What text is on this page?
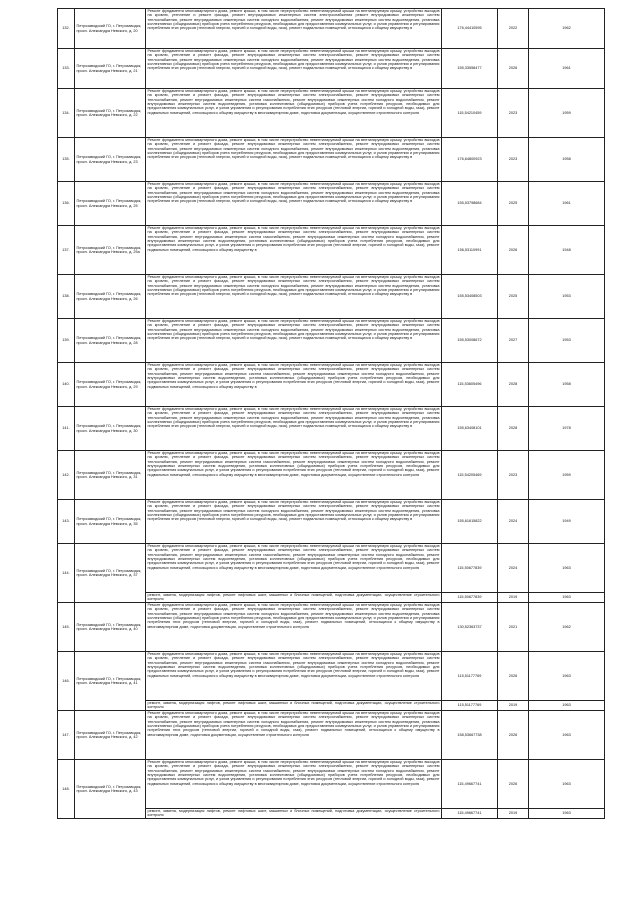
132.	Петрозаводский ГО, г. Петрозаводск, просп. Александра Невского, д. 20	Ремонт фундамента многоквартирного дома, ремонт крыши, в том числе переустройство невентилируемой крыши на вентилируемую крышу, устройство выходов на кровлю, утепление и ремонт фасада, ремонт внутридомовых инженерных систем электроснабжения ремонт внутридомовых инженерных систем теплоснабжения, ремонт внутридомовых инженерных систем холодного водоснабжения, ремонт внутридомовых инженерных систем водоотведения, установка коллективных (общедомовых) приборов учета потребления ресурсов, необходимых для предоставления коммунальных услуг, и узлов управления и регулирования потребления этих ресурсов (тепловой энергии, горячей и холодной воды, газа), ремонт подвальных помещений, относящихся к общему имуществу в	176,44410595	2022	1962
133.	Петрозаводский ГО, г. Петрозаводск, просп. Александра Невского, д. 21	Ремонт фундамента многоквартирного дома, ремонт крыши, в том числе переустройство невентилируемой крыши на вентилируемую крышу, устройство выходов на кровлю, утепление и ремонт фасада, ремонт внутридомовых инженерных систем электроснабжения, ремонт внутридомовых инженерных систем теплоснабжения, ремонт внутридомовых инженерных систем холодного водоснабжения, ремонт внутридомовых инженерных систем водоотведения, установка коллективных (общедомовых) приборов учета потребления ресурсов, необходимых для предоставления коммунальных услуг, и узлов управления и регулирования потребления этих ресурсов (тепловой энергии, горячей и холодной воды, газа), ремонт подвальных помещений, относящихся к общему имуществу в	155,33558477	2026	1961
134.	Петрозаводский ГО, г. Петрозаводск, просп. Александра Невского, д. 22	Ремонт фундамента многоквартирного дома, ремонт крыши, в том числе переустройство невентилируемой крыши на вентилируемую крышу, устройство выходов на кровлю, утепление и ремонт фасада, ремонт внутридомовых инженерных систем электроснабжения, ремонт внутридомовых инженерных систем теплоснабжения, ремонт внутридомовых инженерных систем газоснабжения, ремонт внутридомовых инженерных систем холодного водоснабжения, ремонт внутридомовых инженерных систем водоотведения, установка коллективных (общедомовых) приборов учета потребления ресурсов, необходимых для предоставления коммунальных услуг, и узлов управления и регулирования потребления этих ресурсов (тепловой энергии, горячей и холодной воды, газа), ремонт подвальных помещений, относящихся к общему имуществу в многоквартирном доме, подготовка документации, осуществление строительного контроля	115,54210459	2023	1959
135.	Петрозаводский ГО, г. Петрозаводск, просп. Александра Невского, д. 23	Ремонт фундамента многоквартирного дома, ремонт крыши, в том числе переустройство невентилируемой крыши на вентилируемую крышу, устройство выходов на кровлю, утепление и ремонт фасада, ремонт внутридомовых инженерных систем электроснабжения, ремонт внутридомовых инженерных систем теплоснабжения, ремонт внутридомовых инженерных систем холодного водоснабжения, ремонт внутридомовых инженерных систем водоотведения, установка коллективных (общедомовых) приборов учета потребления ресурсов, необходимых для предоставления коммунальных услуг, и узлов управления и регулирования потребления этих ресурсов (тепловой энергии, горячей и холодной воды, газа), ремонт подвальных помещений, относящихся к общему имуществу в	176,64800923	2023	1958
136.	Петрозаводский ГО, г. Петрозаводск, просп. Александра Невского, д. 25	Ремонт фундамента многоквартирного дома, ремонт крыши, в том числе переустройство невентилируемой крыши на вентилируемую крышу, устройство выходов на кровлю, утепление и ремонт фасада, ремонт внутридомовых инженерных систем электроснабжения, ремонт внутридомовых инженерных систем теплоснабжения, ремонт внутридомовых инженерных систем холодного водоснабжения, ремонт внутридомовых инженерных систем водоотведения, установка коллективных (общедомовых) приборов учета потребления ресурсов, необходимых для предоставления коммунальных услуг, и узлов управления и регулирования потребления этих ресурсов (тепловой энергии, горячей и холодной воды, газа), ремонт подвальных помещений, относящихся к общему имуществу в	155,53798684	2025	1961
137.	Петрозаводский ГО, г. Петрозаводск, просп. Александра Невского, д. 25а	Ремонт фундамента многоквартирного дома, ремонт крыши, в том числе переустройство невентилируемой крыши на вентилируемую крышу, устройство выходов на кровлю, утепление и ремонт фасада, ремонт внутридомовых инженерных систем электроснабжения, ремонт внутридомовых инженерных систем теплоснабжения, ремонт внутридомовых инженерных систем газоснабжения, ремонт внутридомовых инженерных систем холодного водоснабжения, ремонт внутридомовых инженерных систем водоотведения, установка коллективных (общедомовых) приборов учета потребления ресурсов, необходимых для предоставления коммунальных услуг, и узлов управления и регулирования потребления этих ресурсов (тепловой энергии, горячей и холодной воды, газа), ремонт подвальных помещений, относящихся к общему имуществу в	156,53110991	2026	1948
138.	Петрозаводский ГО, г. Петрозаводск, просп. Александра Невского, д. 26	Ремонт фундамента многоквартирного дома, ремонт крыши, в том числе переустройство невентилируемой крыши на вентилируемую крышу, устройство выходов на кровлю, утепление и ремонт фасада, ремонт внутридомовых инженерных систем электроснабжения, ремонт внутридомовых инженерных систем теплоснабжения, ремонт внутридомовых инженерных систем холодного водоснабжения, ремонт внутридомовых инженерных систем водоотведения, установка коллективных (общедомовых) приборов учета потребления ресурсов, необходимых для предоставления коммунальных услуг, и узлов управления и регулирования потребления этих ресурсов (тепловой энергии, горячей и холодной воды, газа), ремонт подвальных помещений, относящихся к общему имуществу в	155,53408503	2025	1953
139.	Петрозаводский ГО, г. Петрозаводск, просп. Александра Невского, д. 28	Ремонт фундамента многоквартирного дома, ремонт крыши, в том числе переустройство невентилируемой крыши на вентилируемую крышу, устройство выходов на кровлю, утепление и ремонт фасада, ремонт внутридомовых инженерных систем электроснабжения, ремонт внутридомовых инженерных систем теплоснабжения, ремонт внутридомовых инженерных систем холодного водоснабжения, ремонт внутридомовых инженерных систем водоотведения, установка коллективных (общедомовых) приборов учета потребления ресурсов, необходимых для предоставления коммунальных услуг, и узлов управления и регулирования потребления этих ресурсов (тепловой энергии, горячей и холодной воды, газа), ремонт подвальных помещений, относящихся к общему имуществу в	155,53008672	2027	1953
140.	Петрозаводский ГО, г. Петрозаводск, просп. Александра Невского, д. 29	Ремонт фундамента многоквартирного дома, ремонт крыши, в том числе переустройство невентилируемой крыши на вентилируемую крышу, устройство выходов на кровлю, утепление и ремонт фасада, ремонт внутридомовых инженерных систем электроснабжения, ремонт внутридомовых инженерных систем теплоснабжения, ремонт внутридомовых инженерных систем газоснабжения, ремонт внутридомовых инженерных систем холодного водоснабжения, ремонт внутридомовых инженерных систем водоотведения, установка коллективных (общедомовых) приборов учета потребления ресурсов, необходимых для предоставления коммунальных услуг, и узлов управления и регулирования потребления этих ресурсов (тепловой энергии, горячей и холодной воды, газа), ремонт подвальных помещений, относящихся к общему имуществу в	115,53605496	2028	1958
141.	Петрозаводский ГО, г. Петрозаводск, просп. Александра Невского, д. 30	Ремонт фундамента многоквартирного дома, ремонт крыши, в том числе переустройство невентилируемой крыши на вентилируемую крышу, устройство выходов на кровлю, утепление и ремонт фасада, ремонт внутридомовых инженерных систем электроснабжения, ремонт внутридомовых инженерных систем теплоснабжения, ремонт внутридомовых инженерных систем холодного водоснабжения, ремонт внутридомовых инженерных систем водоотведения, установка коллективных (общедомовых) приборов учета потребления ресурсов, необходимых для предоставления коммунальных услуг, и узлов управления и регулирования потребления этих ресурсов (тепловой энергии, горячей и холодной воды, газа), ремонт подвальных помещений, относящихся к общему имуществу в	155,63408101	2028	1978
142.	Петрозаводский ГО, г. Петрозаводск, просп. Александра Невского, д. 31	Ремонт фундамента многоквартирного дома, ремонт крыши, в том числе переустройство невентилируемой крыши на вентилируемую крышу, устройство выходов на кровлю, утепление и ремонт фасада, ремонт внутридомовых инженерных систем электроснабжения, ремонт внутридомовых инженерных систем теплоснабжения, ремонт внутридомовых инженерных систем газоснабжения, ремонт внутридомовых инженерных систем холодного водоснабжения, ремонт внутридомовых инженерных систем водоотведения, установка коллективных (общедомовых) приборов учета потребления ресурсов, необходимых для предоставления коммунальных услуг, и узлов управления и регулирования потребления этих ресурсов (тепловой энергии, горячей и холодной воды, газа), ремонт подвальных помещений, относящихся к общему имуществу в многоквартирном доме, подготовка документации, осуществление строительного контроля	115,54205469	2023	1959
143.	Петрозаводский ГО, г. Петрозаводск, просп. Александра Невского, д. 35	Ремонт фундамента многоквартирного дома, ремонт крыши, в том числе переустройство невентилируемой крыши на вентилируемую крышу, устройство выходов на кровлю, утепление и ремонт фасада, ремонт внутридомовых инженерных систем электроснабжения, ремонт внутридомовых инженерных систем теплоснабжения, ремонт внутридомовых инженерных систем холодного водоснабжения, ремонт внутридомовых инженерных систем водоотведения, установка коллективных (общедомовых) приборов учета потребления ресурсов, необходимых для предоставления коммунальных услуг, и узлов управления и регулирования потребления этих ресурсов (тепловой энергии, горячей и холодной воды, газа), ремонт подвальных помещений, относящихся к общему имуществу в	155,61615822	2024	1949
144.	Петрозаводский ГО, г. Петрозаводск, просп. Александра Невского, д. 37	Ремонт фундамента многоквартирного дома, ремонт крыши, в том числе переустройство невентилируемой крыши на вентилируемую крышу, устройство выходов на кровлю, утепление и ремонт фасада, ремонт внутридомовых инженерных систем электроснабжения, ремонт внутридомовых инженерных систем теплоснабжения, ремонт внутридомовых инженерных систем газоснабжения, ремонт внутридомовых инженерных систем холодного водоснабжения, ремонт внутридомовых инженерных систем водоотведения, установка коллективных (общедомовых) приборов учета потребления ресурсов, необходимых для предоставления коммунальных услуг, и узлов управления и регулирования потребления этих ресурсов (тепловой энергии, горячей и холодной воды, газа), ремонт подвальных помещений, относящихся к общему имуществу в многоквартирном доме, подготовка документации, осуществление строительного контроля	115,50677839	2024	1963
		ремонт, замена, модернизация лифтов, ремонт лифтовых шахт, машинных и блочных помещений, подготовка документации, осуществление строительного контроля	115,50677839	2019	1963
145.	Петрозаводский ГО, г. Петрозаводск, просп. Александра Невского, д. 40	Ремонт фундамента многоквартирного дома, ремонт крыши, в том числе переустройство невентилируемой крыши на вентилируемую крышу, устройство выходов на кровлю, утепление и ремонт фасада, ремонт внутридомовых инженерных систем электроснабжения, ремонт внутридомовых инженерных систем теплоснабжения, ремонт внутридомовых инженерных систем холодного водоснабжения, ремонт внутридомовых инженерных систем водоотведения, установка коллективных (общедомовых) приборов учета потребления ресурсов, необходимых для предоставления коммунальных услуг, и узлов управления и регулирования потребления этих ресурсов (тепловой энергии, горячей и холодной воды, газа), ремонт подвальных помещений, относящихся к общему имуществу в многоквартирном доме, подготовка документации, осуществление строительного контроля	130,52363737	2021	1962
146.	Петрозаводский ГО, г. Петрозаводск, просп. Александра Невского, д. 41	Ремонт фундамента многоквартирного дома, ремонт крыши, в том числе переустройство невентилируемой крыши на вентилируемую крышу, устройство выходов на кровлю, утепление и ремонт фасада, ремонт внутридомовых инженерных систем электроснабжения, ремонт внутридомовых инженерных систем теплоснабжения, ремонт внутридомовых инженерных систем газоснабжения, ремонт внутридомовых инженерных систем холодного водоснабжения, ремонт внутридомовых инженерных систем водоотведения, установка коллективных (общедомовых) приборов учета потребления ресурсов, необходимых для предоставления коммунальных услуг, и узлов управления и регулирования потребления этих ресурсов (тепловой энергии, горячей и холодной воды, газа), ремонт подвальных помещений, относящихся к общему имуществу в многоквартирном доме, подготовка документации, осуществление строительного контроля	115,51177769	2026	1963
		ремонт, замена, модернизация лифтов, ремонт лифтовых шахт, машинных и блочных помещений, подготовка документации, осуществление строительного контроля	115,51177769	2019	1963
147.	Петрозаводский ГО, г. Петрозаводск, просп. Александра Невского, д. 42	Ремонт фундамента многоквартирного дома, ремонт крыши, в том числе переустройство невентилируемой крыши на вентилируемую крышу, устройство выходов на кровлю, утепление и ремонт фасада, ремонт внутридомовых инженерных систем электроснабжения, ремонт внутридомовых инженерных систем теплоснабжения, ремонт внутридомовых инженерных систем холодного водоснабжения, ремонт внутридомовых инженерных систем водоотведения, установка коллективных (общедомовых) приборов учета потребления ресурсов, необходимых для предоставления коммунальных услуг, и узлов управления и регулирования потребления этих ресурсов (тепловой энергии, горячей и холодной воды, газа), ремонт подвальных помещений, относящихся к общему имуществу в многоквартирном доме, подготовка документации, осуществление строительного контроля	158,53667738	2026	1963
148.	Петрозаводский ГО, г. Петрозаводск, просп. Александра Невского, д. 43	Ремонт фундамента многоквартирного дома, ремонт крыши, в том числе переустройство невентилируемой крыши на вентилируемую крышу, устройство выходов на кровлю, утепление и ремонт фасада, ремонт внутридомовых инженерных систем электроснабжения, ремонт внутридомовых инженерных систем теплоснабжения, ремонт внутридомовых инженерных систем газоснабжения, ремонт внутридомовых инженерных систем холодного водоснабжения, ремонт внутридомовых инженерных систем водоотведения, установка коллективных (общедомовых) приборов учета потребления ресурсов, необходимых для предоставления коммунальных услуг, и узлов управления и регулирования потребления этих ресурсов (тепловой энергии, горячей и холодной воды, газа), ремонт подвальных помещений, относящихся к общему имуществу в многоквартирном доме, подготовка документации, осуществление строительного контроля	115,49667741	2026	1963
		ремонт, замена, модернизация лифтов, ремонт лифтовых шахт, машинных и блочных помещений, подготовка документации, осуществление строительного контроля	115,49667741	2019	1963
